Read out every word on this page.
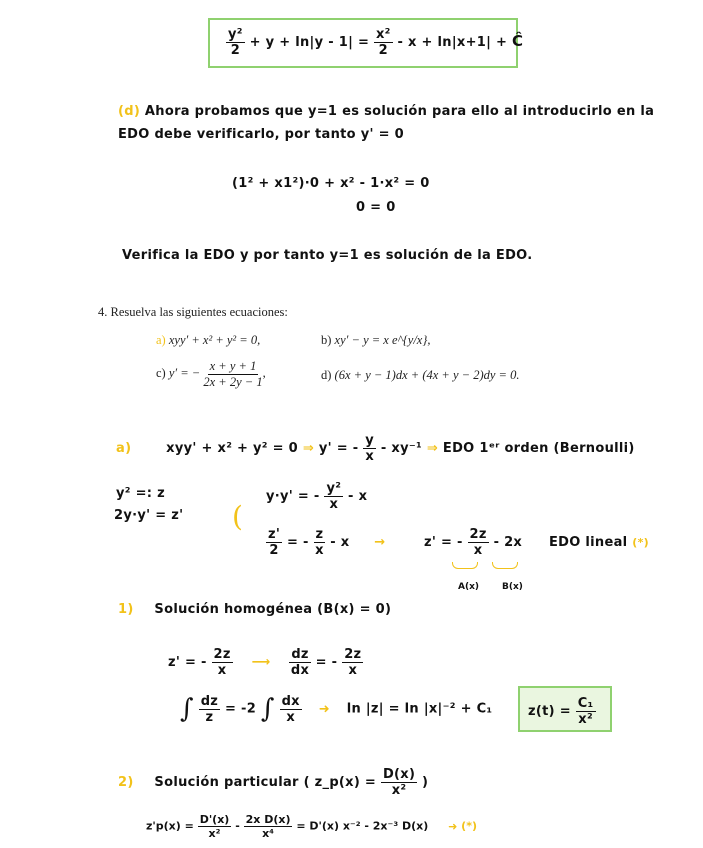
$\frac{\text{y²}}{2} + y + \ln|y - 1| = \frac{\text{x²}}{2} - x + \ln|x+1|$ + Ĉ
(d) Ahora probamos que y=1 es solución para ello al introducirlo en la
EDO debe verificarlo, por tanto y' = 0
(1² + x1²)·0 + x² - 1·x² = 0
0 = 0
Verifica la EDO y por tanto y=1 es solución de la EDO.
4. Resuelva las siguientes ecuaciones:
a) xyy′ + x² + y² = 0,	b) xy′ − y = x e^{y/x},
c) y′ = − $\frac{x + y + 1}{2x + 2y - 1}$ ,	d) (6x + y − 1)dx + (4x + y − 2)dy = 0.
a)	xyy' + x² + y² = 0 ⇒ y' = - $\frac{y}{x} - xy^{-1}$ ⇒ EDO 1ᵉʳ orden (Bernoulli)
y² =: z
2y·y' = z'
y·y' = - $\frac{\text{y²}}{x}$ - x
(
$\frac{z'}{2}$ = - $\frac{z}{x}$ - x →	z' = - $\frac{2z}{x} - 2x$ EDO lineal (*)
A(x)	B(x)
1) Solución homogénea (B(x) = 0)
z' = - $\frac{2z}{x}$ ⟶ $\frac{dz}{dx}$ = - $\frac{2z}{x}$
∫ $\frac{dz}{z} = -2$ ∫ $\frac{dx}{x}$ ➜ ln |z| = ln |x|⁻² + C₁	$z(t) = \frac{\text{C₁}}{\text{x²}}$
2) Solución particular ( z_p(x) = $\frac{D(x)}{\text{x²}}$ )
$z'p(x) = \frac{D'(x)}{\text{x²}} - \frac{\text{2x D(x)}}{\text{x⁴}} = D'(x)$ x⁻² - 2x⁻³ D(x) ➜ (*)
